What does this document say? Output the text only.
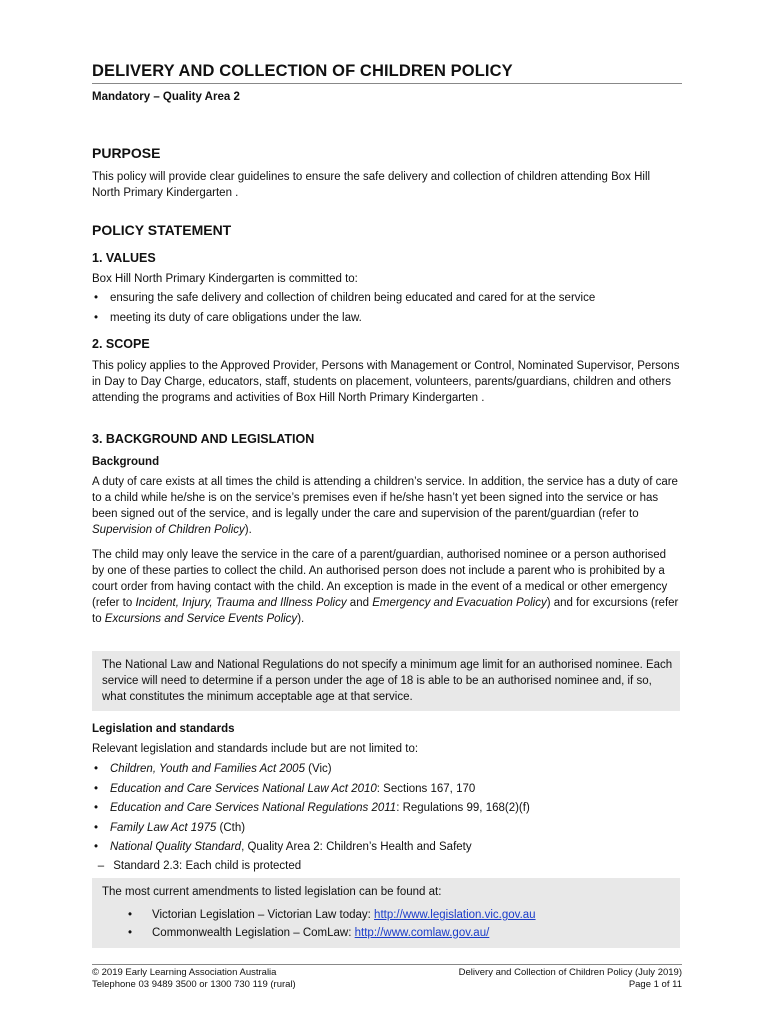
DELIVERY AND COLLECTION OF CHILDREN POLICY
Mandatory – Quality Area 2
PURPOSE
This policy will provide clear guidelines to ensure the safe delivery and collection of children attending Box Hill North Primary Kindergarten .
POLICY STATEMENT
1. VALUES
Box Hill North Primary Kindergarten is committed to:
• ensuring the safe delivery and collection of children being educated and cared for at the service
• meeting its duty of care obligations under the law.
2. SCOPE
This policy applies to the Approved Provider, Persons with Management or Control, Nominated Supervisor, Persons in Day to Day Charge, educators, staff, students on placement, volunteers, parents/guardians, children and others attending the programs and activities of Box Hill North Primary Kindergarten .
3. BACKGROUND AND LEGISLATION
Background
A duty of care exists at all times the child is attending a children’s service. In addition, the service has a duty of care to a child while he/she is on the service’s premises even if he/she hasn’t yet been signed into the service or has been signed out of the service, and is legally under the care and supervision of the parent/guardian (refer to Supervision of Children Policy).
The child may only leave the service in the care of a parent/guardian, authorised nominee or a person authorised by one of these parties to collect the child. An authorised person does not include a parent who is prohibited by a court order from having contact with the child. An exception is made in the event of a medical or other emergency (refer to Incident, Injury, Trauma and Illness Policy and Emergency and Evacuation Policy) and for excursions (refer to Excursions and Service Events Policy).
The National Law and National Regulations do not specify a minimum age limit for an authorised nominee. Each service will need to determine if a person under the age of 18 is able to be an authorised nominee and, if so, what constitutes the minimum acceptable age at that service.
Legislation and standards
Relevant legislation and standards include but are not limited to:
• Children, Youth and Families Act 2005 (Vic)
• Education and Care Services National Law Act 2010: Sections 167, 170
• Education and Care Services National Regulations 2011: Regulations 99, 168(2)(f)
• Family Law Act 1975 (Cth)
• National Quality Standard, Quality Area 2: Children’s Health and Safety
– Standard 2.3: Each child is protected
The most current amendments to listed legislation can be found at:
• Victorian Legislation – Victorian Law today: http://www.legislation.vic.gov.au
• Commonwealth Legislation – ComLaw: http://www.comlaw.gov.au/
© 2019 Early Learning Association Australia
Telephone 03 9489 3500 or 1300 730 119 (rural)
Delivery and Collection of Children Policy (July 2019)
Page 1 of 11
